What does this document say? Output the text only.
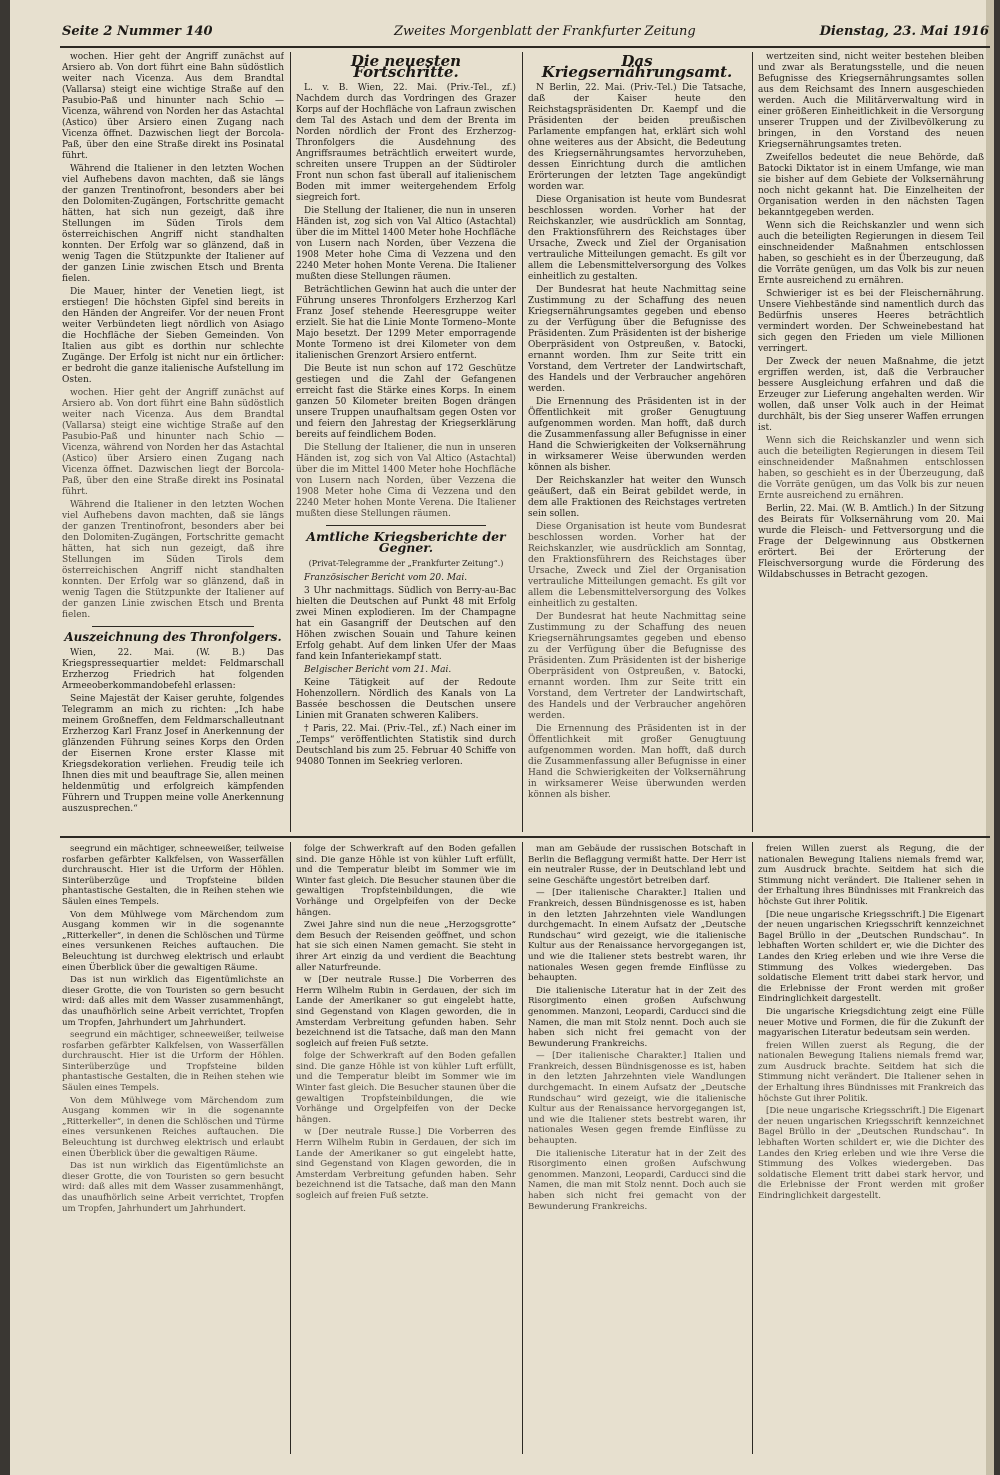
Seite 2 Nummer 140	Zweites Morgenblatt der Frankfurter Zeitung	Dienstag, 23. Mai 1916

wochen. Hier geht der Angriff zunächst auf Arsiero ab. Von dort führt eine Bahn südöstlich weiter nach Vicenza. Aus dem Brandtal (Vallarsa) steigt eine wichtige Straße auf den Pasubio-Paß und hinunter nach Schio — Vicenza, während von Norden her das Astachtal (Astico) über Arsiero einen Zugang nach Vicenza öffnet. Dazwischen liegt der Borcola-Paß, über den eine Straße direkt ins Posinatal führt.

Während die Italiener in den letzten Wochen viel Aufhebens davon machten, daß sie längs der ganzen Trentinofront, besonders aber bei den Dolomiten-Zugängen, Fortschritte gemacht hätten, hat sich nun gezeigt, daß ihre Stellungen im Süden Tirols dem österreichischen Angriff nicht standhalten konnten. Der Erfolg war so glänzend, daß in wenig Tagen die Stützpunkte der Italiener auf der ganzen Linie zwischen Etsch und Brenta fielen.

Die Mauer, hinter der Venetien liegt, ist erstiegen! Die höchsten Gipfel sind bereits in den Händen der Angreifer. Vor der neuen Front weiter Verbündeten liegt nördlich von Asiago die Hochfläche der Sieben Gemeinden. Von Italien aus gibt es dorthin nur schlechte Zugänge. Der Erfolg ist nicht nur ein örtlicher: er bedroht die ganze italienische Aufstellung im Osten.

wochen. Hier geht der Angriff zunächst auf Arsiero ab. Von dort führt eine Bahn südöstlich weiter nach Vicenza. Aus dem Brandtal (Vallarsa) steigt eine wichtige Straße auf den Pasubio-Paß und hinunter nach Schio — Vicenza, während von Norden her das Astachtal (Astico) über Arsiero einen Zugang nach Vicenza öffnet. Dazwischen liegt der Borcola-Paß, über den eine Straße direkt ins Posinatal führt.

Während die Italiener in den letzten Wochen viel Aufhebens davon machten, daß sie längs der ganzen Trentinofront, besonders aber bei den Dolomiten-Zugängen, Fortschritte gemacht hätten, hat sich nun gezeigt, daß ihre Stellungen im Süden Tirols dem österreichischen Angriff nicht standhalten konnten. Der Erfolg war so glänzend, daß in wenig Tagen die Stützpunkte der Italiener auf der ganzen Linie zwischen Etsch und Brenta fielen.

Auszeichnung des Thronfolgers.

Wien, 22. Mai. (W. B.) Das Kriegspressequartier meldet: Feldmarschall Erzherzog Friedrich hat folgenden Armeeoberkommandobefehl erlassen:

Seine Majestät der Kaiser geruhte, folgendes Telegramm an mich zu richten: „Ich habe meinem Großneffen, dem Feldmarschalleutnant Erzherzog Karl Franz Josef in Anerkennung der glänzenden Führung seines Korps den Orden der Eisernen Krone erster Klasse mit Kriegsdekoration verliehen. Freudig teile ich Ihnen dies mit und beauftrage Sie, allen meinen heldenmütig und erfolgreich kämpfenden Führern und Truppen meine volle Anerkennung auszusprechen.“

Die neuesten Fortschritte.

L. v. B. Wien, 22. Mai. (Priv.-Tel., zf.) Nachdem durch das Vordringen des Grazer Korps auf der Hochfläche von Lafraun zwischen dem Tal des Astach und dem der Brenta im Norden nördlich der Front des Erzherzog-Thronfolgers die Ausdehnung des Angriffsraumes beträchtlich erweitert wurde, schreiten unsere Truppen an der Südtiroler Front nun schon fast überall auf italienischem Boden mit immer weitergehendem Erfolg siegreich fort.

Die Stellung der Italiener, die nun in unseren Händen ist, zog sich von Val Altico (Astachtal) über die im Mittel 1400 Meter hohe Hochfläche von Lusern nach Norden, über Vezzena die 1908 Meter hohe Cima di Vezzena und den 2240 Meter hohen Monte Verena. Die Italiener mußten diese Stellungen räumen.

Beträchtlichen Gewinn hat auch die unter der Führung unseres Thronfolgers Erzherzog Karl Franz Josef stehende Heeresgruppe weiter erzielt. Sie hat die Linie Monte Tormeno–Monte Majo besetzt. Der 1299 Meter emporragende Monte Tormeno ist drei Kilometer von dem italienischen Grenzort Arsiero entfernt.

Die Beute ist nun schon auf 172 Geschütze gestiegen und die Zahl der Gefangenen erreicht fast die Stärke eines Korps. In einem ganzen 50 Kilometer breiten Bogen drängen unsere Truppen unaufhaltsam gegen Osten vor und feiern den Jahrestag der Kriegserklärung bereits auf feindlichem Boden.

Die Stellung der Italiener, die nun in unseren Händen ist, zog sich von Val Altico (Astachtal) über die im Mittel 1400 Meter hohe Hochfläche von Lusern nach Norden, über Vezzena die 1908 Meter hohe Cima di Vezzena und den 2240 Meter hohen Monte Verena. Die Italiener mußten diese Stellungen räumen.

Amtliche Kriegsberichte der Gegner.
(Privat-Telegramme der „Frankfurter Zeitung“.)

Französischer Bericht vom 20. Mai.

3 Uhr nachmittags. Südlich von Berry-au-Bac hielten die Deutschen auf Punkt 48 mit Erfolg zwei Minen explodieren. Im der Champagne hat ein Gasangriff der Deutschen auf den Höhen zwischen Souain und Tahure keinen Erfolg gehabt. Auf dem linken Ufer der Maas fand kein Infanteriekampf statt.

Belgischer Bericht vom 21. Mai.

Keine Tätigkeit auf der Redoute Hohenzollern. Nördlich des Kanals von La Bassée beschossen die Deutschen unsere Linien mit Granaten schweren Kalibers.

† Paris, 22. Mai. (Priv.-Tel., zf.) Nach einer im „Temps“ veröffentlichten Statistik sind durch Deutschland bis zum 25. Februar 40 Schiffe von 94080 Tonnen im Seekrieg verloren.

Das Kriegsernährungsamt.

N Berlin, 22. Mai. (Priv.-Tel.) Die Tatsache, daß der Kaiser heute den Reichstagspräsidenten Dr. Kaempf und die Präsidenten der beiden preußischen Parlamente empfangen hat, erklärt sich wohl ohne weiteres aus der Absicht, die Bedeutung des Kriegsernährungsamtes hervorzuheben, dessen Einrichtung durch die amtlichen Erörterungen der letzten Tage angekündigt worden war.

Diese Organisation ist heute vom Bundesrat beschlossen worden. Vorher hat der Reichskanzler, wie ausdrücklich am Sonntag, den Fraktionsführern des Reichstages über Ursache, Zweck und Ziel der Organisation vertrauliche Mitteilungen gemacht. Es gilt vor allem die Lebensmittelversorgung des Volkes einheitlich zu gestalten.

Der Bundesrat hat heute Nachmittag seine Zustimmung zu der Schaffung des neuen Kriegsernährungsamtes gegeben und ebenso zu der Verfügung über die Befugnisse des Präsidenten. Zum Präsidenten ist der bisherige Oberpräsident von Ostpreußen, v. Batocki, ernannt worden. Ihm zur Seite tritt ein Vorstand, dem Vertreter der Landwirtschaft, des Handels und der Verbraucher angehören werden.

Die Ernennung des Präsidenten ist in der Öffentlichkeit mit großer Genugtuung aufgenommen worden. Man hofft, daß durch die Zusammenfassung aller Befugnisse in einer Hand die Schwierigkeiten der Volksernährung in wirksamerer Weise überwunden werden können als bisher.

Der Reichskanzler hat weiter den Wunsch geäußert, daß ein Beirat gebildet werde, in dem alle Fraktionen des Reichstages vertreten sein sollen.

Diese Organisation ist heute vom Bundesrat beschlossen worden. Vorher hat der Reichskanzler, wie ausdrücklich am Sonntag, den Fraktionsführern des Reichstages über Ursache, Zweck und Ziel der Organisation vertrauliche Mitteilungen gemacht. Es gilt vor allem die Lebensmittelversorgung des Volkes einheitlich zu gestalten.

Der Bundesrat hat heute Nachmittag seine Zustimmung zu der Schaffung des neuen Kriegsernährungsamtes gegeben und ebenso zu der Verfügung über die Befugnisse des Präsidenten. Zum Präsidenten ist der bisherige Oberpräsident von Ostpreußen, v. Batocki, ernannt worden. Ihm zur Seite tritt ein Vorstand, dem Vertreter der Landwirtschaft, des Handels und der Verbraucher angehören werden.

Die Ernennung des Präsidenten ist in der Öffentlichkeit mit großer Genugtuung aufgenommen worden. Man hofft, daß durch die Zusammenfassung aller Befugnisse in einer Hand die Schwierigkeiten der Volksernährung in wirksamerer Weise überwunden werden können als bisher.

wertzeiten sind, nicht weiter bestehen bleiben und zwar als Beratungsstelle, und die neuen Befugnisse des Kriegsernährungsamtes sollen aus dem Reichsamt des Innern ausgeschieden werden. Auch die Militärverwaltung wird in einer größeren Einheitlichkeit in die Versorgung unserer Truppen und der Zivilbevölkerung zu bringen, in den Vorstand des neuen Kriegsernährungsamtes treten.

Zweifellos bedeutet die neue Behörde, daß Batocki Diktator ist in einem Umfange, wie man sie bisher auf dem Gebiete der Volksernährung noch nicht gekannt hat. Die Einzelheiten der Organisation werden in den nächsten Tagen bekanntgegeben werden.

Wenn sich die Reichskanzler und wenn sich auch die beteiligten Regierungen in diesem Teil einschneidender Maßnahmen entschlossen haben, so geschieht es in der Überzeugung, daß die Vorräte genügen, um das Volk bis zur neuen Ernte ausreichend zu ernähren.

Schwieriger ist es bei der Fleischernährung. Unsere Viehbestände sind namentlich durch das Bedürfnis unseres Heeres beträchtlich vermindert worden. Der Schweinebestand hat sich gegen den Frieden um viele Millionen verringert.

Der Zweck der neuen Maßnahme, die jetzt ergriffen werden, ist, daß die Verbraucher bessere Ausgleichung erfahren und daß die Erzeuger zur Lieferung angehalten werden. Wir wollen, daß unser Volk auch in der Heimat durchhält, bis der Sieg unserer Waffen errungen ist.

Wenn sich die Reichskanzler und wenn sich auch die beteiligten Regierungen in diesem Teil einschneidender Maßnahmen entschlossen haben, so geschieht es in der Überzeugung, daß die Vorräte genügen, um das Volk bis zur neuen Ernte ausreichend zu ernähren.

Berlin, 22. Mai. (W. B. Amtlich.) In der Sitzung des Beirats für Volksernährung vom 20. Mai wurde die Fleisch- und Fettversorgung und die Frage der Delgewinnung aus Obstkernen erörtert. Bei der Erörterung der Fleischversorgung wurde die Förderung des Wildabschusses in Betracht gezogen.

seegrund ein mächtiger, schneeweißer, teilweise rosfarben gefärbter Kalkfelsen, von Wasserfällen durchrauscht. Hier ist die Urform der Höhlen. Sinterüberzüge und Tropfsteine bilden phantastische Gestalten, die in Reihen stehen wie Säulen eines Tempels.

Von dem Mühlwege vom Märchendom zum Ausgang kommen wir in die sogenannte „Ritterkeller“, in denen die Schlöschen und Türme eines versunkenen Reiches auftauchen. Die Beleuchtung ist durchweg elektrisch und erlaubt einen Überblick über die gewaltigen Räume.

Das ist nun wirklich das Eigentümlichste an dieser Grotte, die von Touristen so gern besucht wird: daß alles mit dem Wasser zusammenhängt, das unaufhörlich seine Arbeit verrichtet, Tropfen um Tropfen, Jahrhundert um Jahrhundert.

seegrund ein mächtiger, schneeweißer, teilweise rosfarben gefärbter Kalkfelsen, von Wasserfällen durchrauscht. Hier ist die Urform der Höhlen. Sinterüberzüge und Tropfsteine bilden phantastische Gestalten, die in Reihen stehen wie Säulen eines Tempels.

Von dem Mühlwege vom Märchendom zum Ausgang kommen wir in die sogenannte „Ritterkeller“, in denen die Schlöschen und Türme eines versunkenen Reiches auftauchen. Die Beleuchtung ist durchweg elektrisch und erlaubt einen Überblick über die gewaltigen Räume.

Das ist nun wirklich das Eigentümlichste an dieser Grotte, die von Touristen so gern besucht wird: daß alles mit dem Wasser zusammenhängt, das unaufhörlich seine Arbeit verrichtet, Tropfen um Tropfen, Jahrhundert um Jahrhundert.

folge der Schwerkraft auf den Boden gefallen sind. Die ganze Höhle ist von kühler Luft erfüllt, und die Temperatur bleibt im Sommer wie im Winter fast gleich. Die Besucher staunen über die gewaltigen Tropfsteinbildungen, die wie Vorhänge und Orgelpfeifen von der Decke hängen.

Zwei Jahre sind nun die neue „Herzogsgrotte“ dem Besuch der Reisenden geöffnet, und schon hat sie sich einen Namen gemacht. Sie steht in ihrer Art einzig da und verdient die Beachtung aller Naturfreunde.

w [Der neutrale Russe.] Die Vorberren des Herrn Wilhelm Rubin in Gerdauen, der sich im Lande der Amerikaner so gut eingelebt hatte, sind Gegenstand von Klagen geworden, die in Amsterdam Verbreitung gefunden haben. Sehr bezeichnend ist die Tatsache, daß man den Mann sogleich auf freien Fuß setzte.

folge der Schwerkraft auf den Boden gefallen sind. Die ganze Höhle ist von kühler Luft erfüllt, und die Temperatur bleibt im Sommer wie im Winter fast gleich. Die Besucher staunen über die gewaltigen Tropfsteinbildungen, die wie Vorhänge und Orgelpfeifen von der Decke hängen.

w [Der neutrale Russe.] Die Vorberren des Herrn Wilhelm Rubin in Gerdauen, der sich im Lande der Amerikaner so gut eingelebt hatte, sind Gegenstand von Klagen geworden, die in Amsterdam Verbreitung gefunden haben. Sehr bezeichnend ist die Tatsache, daß man den Mann sogleich auf freien Fuß setzte.

man am Gebäude der russischen Botschaft in Berlin die Beflaggung vermißt hatte. Der Herr ist ein neutraler Russe, der in Deutschland lebt und seine Geschäfte ungestört betreiben darf.

— [Der italienische Charakter.] Italien und Frankreich, dessen Bündnisgenosse es ist, haben in den letzten Jahrzehnten viele Wandlungen durchgemacht. In einem Aufsatz der „Deutsche Rundschau“ wird gezeigt, wie die italienische Kultur aus der Renaissance hervorgegangen ist, und wie die Italiener stets bestrebt waren, ihr nationales Wesen gegen fremde Einflüsse zu behaupten.

Die italienische Literatur hat in der Zeit des Risorgimento einen großen Aufschwung genommen. Manzoni, Leopardi, Carducci sind die Namen, die man mit Stolz nennt. Doch auch sie haben sich nicht frei gemacht von der Bewunderung Frankreichs.

— [Der italienische Charakter.] Italien und Frankreich, dessen Bündnisgenosse es ist, haben in den letzten Jahrzehnten viele Wandlungen durchgemacht. In einem Aufsatz der „Deutsche Rundschau“ wird gezeigt, wie die italienische Kultur aus der Renaissance hervorgegangen ist, und wie die Italiener stets bestrebt waren, ihr nationales Wesen gegen fremde Einflüsse zu behaupten.

Die italienische Literatur hat in der Zeit des Risorgimento einen großen Aufschwung genommen. Manzoni, Leopardi, Carducci sind die Namen, die man mit Stolz nennt. Doch auch sie haben sich nicht frei gemacht von der Bewunderung Frankreichs.

freien Willen zuerst als Regung, die der nationalen Bewegung Italiens niemals fremd war, zum Ausdruck brachte. Seitdem hat sich die Stimmung nicht verändert. Die Italiener sehen in der Erhaltung ihres Bündnisses mit Frankreich das höchste Gut ihrer Politik.

[Die neue ungarische Kriegsschrift.] Die Eigenart der neuen ungarischen Kriegsschrift kennzeichnet Bagel Brüllo in der „Deutschen Rundschau“. In lebhaften Worten schildert er, wie die Dichter des Landes den Krieg erleben und wie ihre Verse die Stimmung des Volkes wiedergeben. Das soldatische Element tritt dabei stark hervor, und die Erlebnisse der Front werden mit großer Eindringlichkeit dargestellt.

Die ungarische Kriegsdichtung zeigt eine Fülle neuer Motive und Formen, die für die Zukunft der magyarischen Literatur bedeutsam sein werden.

freien Willen zuerst als Regung, die der nationalen Bewegung Italiens niemals fremd war, zum Ausdruck brachte. Seitdem hat sich die Stimmung nicht verändert. Die Italiener sehen in der Erhaltung ihres Bündnisses mit Frankreich das höchste Gut ihrer Politik.

[Die neue ungarische Kriegsschrift.] Die Eigenart der neuen ungarischen Kriegsschrift kennzeichnet Bagel Brüllo in der „Deutschen Rundschau“. In lebhaften Worten schildert er, wie die Dichter des Landes den Krieg erleben und wie ihre Verse die Stimmung des Volkes wiedergeben. Das soldatische Element tritt dabei stark hervor, und die Erlebnisse der Front werden mit großer Eindringlichkeit dargestellt.
